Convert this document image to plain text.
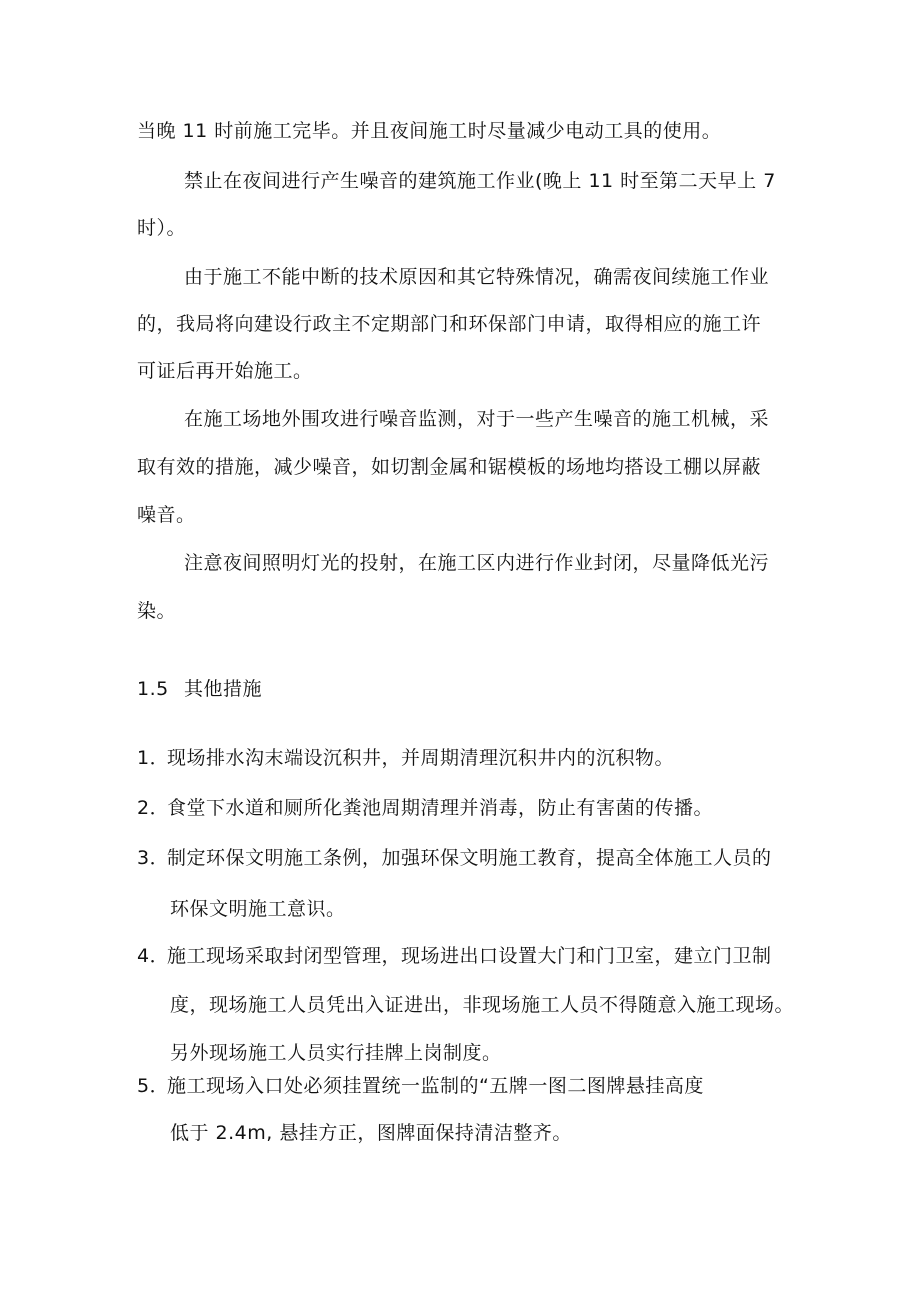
当晚 11 时前施工完毕。并且夜间施工时尽量减少电动工具的使用。
禁止在夜间进行产生噪音的建筑施工作业(晚上 11 时至第二天早上 7
时）。
由于施工不能中断的技术原因和其它特殊情况，确需夜间续施工作业
的，我局将向建设行政主不定期部门和环保部门申请，取得相应的施工许
可证后再开始施工。
在施工场地外围攻进行噪音监测，对于一些产生噪音的施工机械，采
取有效的措施，减少噪音，如切割金属和锯模板的场地均搭设工棚以屏蔽
噪音。
注意夜间照明灯光的投射，在施工区内进行作业封闭，尽量降低光污
染。
1.5 其他措施
1．现场排水沟末端设沉积井，并周期清理沉积井内的沉积物。
2．食堂下水道和厕所化粪池周期清理并消毒，防止有害菌的传播。
3．制定环保文明施工条例，加强环保文明施工教育，提高全体施工人员的
环保文明施工意识。
4．施工现场采取封闭型管理，现场进出口设置大门和门卫室，建立门卫制
度，现场施工人员凭出入证进出，非现场施工人员不得随意入施工现场。
另外现场施工人员实行挂牌上岗制度。
5．施工现场入口处必须挂置统一监制的“五牌一图二图牌悬挂高度
低于 2.4m, 悬挂方正，图牌面保持清洁整齐。
